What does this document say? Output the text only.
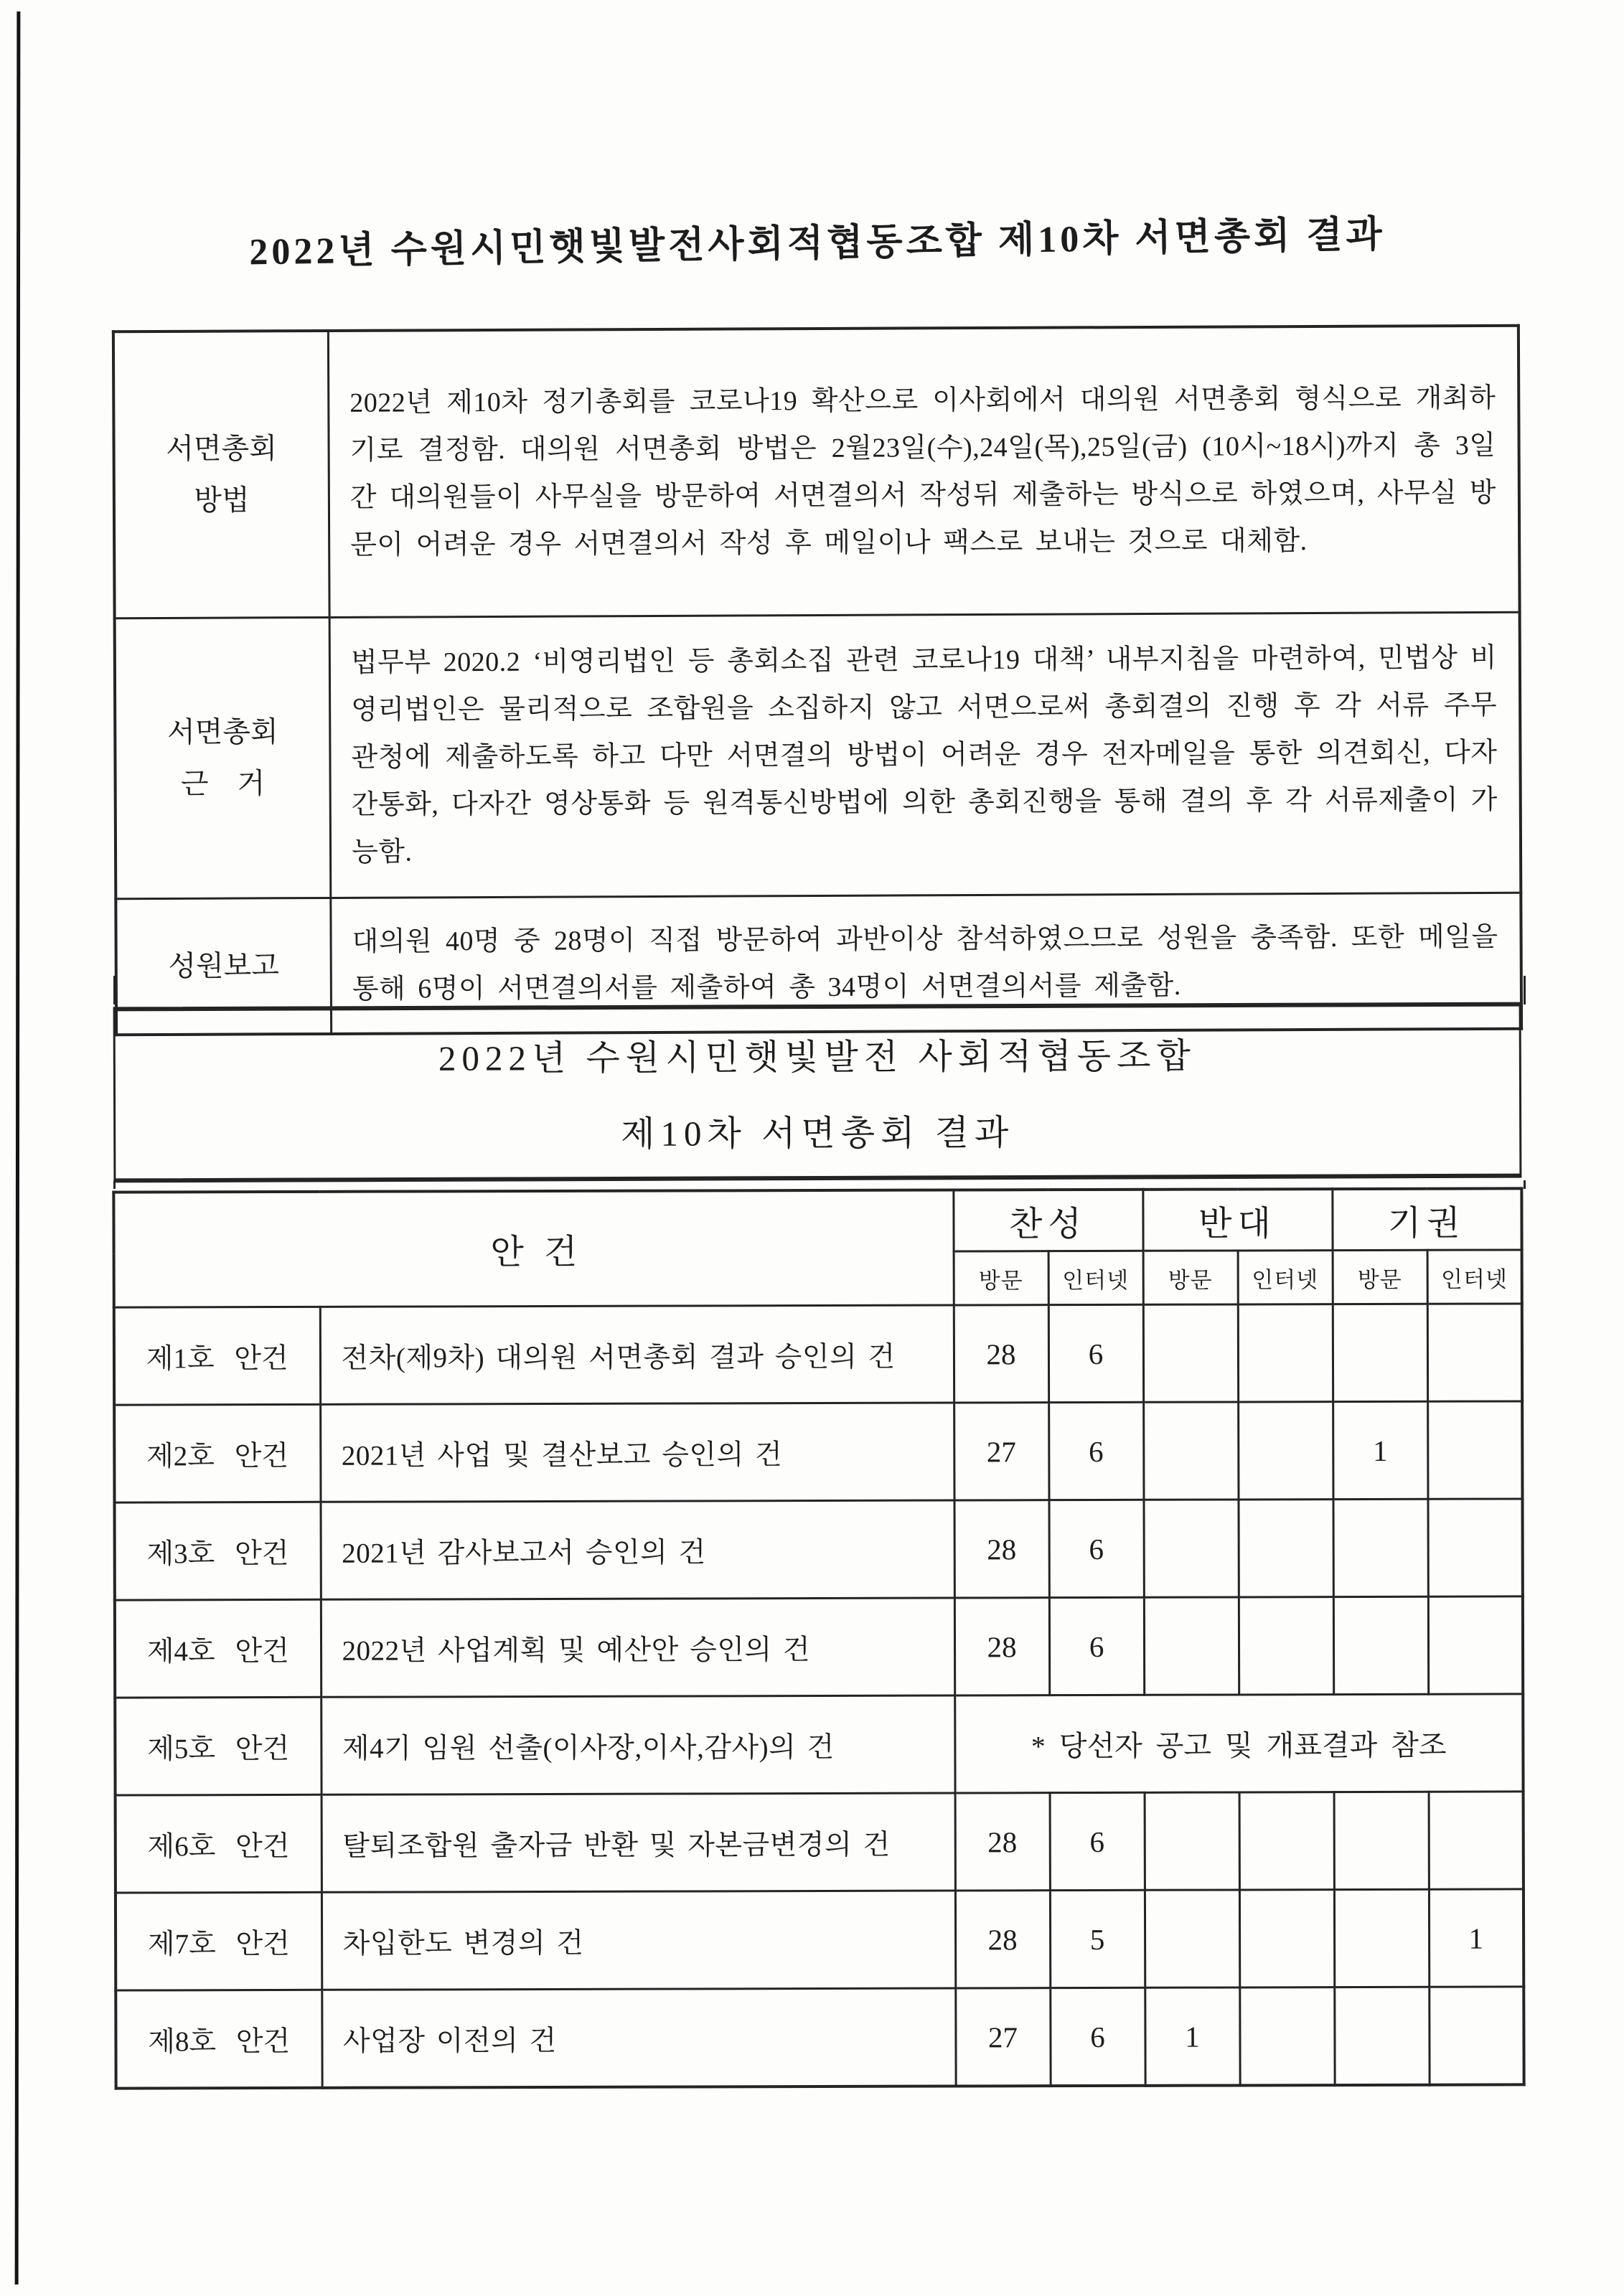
2022년 수원시민햇빛발전사회적협동조합 제10차 서면총회 결과
서면총회
방법	2022년 제10차 정기총회를 코로나19 확산으로 이사회에서 대의원 서면총회 형식으로 개최하기로 결정함. 대의원 서면총회 방법은 2월23일(수),24일(목),25일(금) (10시~18시)까지 총 3일간 대의원들이 사무실을 방문하여 서면결의서 작성뒤 제출하는 방식으로 하였으며, 사무실 방문이 어려운 경우 서면결의서 작성 후 메일이나 팩스로 보내는 것으로 대체함.

서면총회
근    거	법무부 2020.2 ‘비영리법인 등 총회소집 관련 코로나19 대책’ 내부지침을 마련하여, 민법상 비영리법인은 물리적으로 조합원을 소집하지 않고 서면으로써 총회결의 진행 후 각 서류 주무관청에 제출하도록 하고 다만 서면결의 방법이 어려운 경우 전자메일을 통한 의견회신, 다자간통화, 다자간 영상통화 등 원격통신방법에 의한 총회진행을 통해 결의 후 각 서류제출이 가능함.

성원보고	대의원 40명 중 28명이 직접 방문하여 과반이상 참석하였으므로 성원을 충족함. 또한 메일을 통해 6명이 서면결의서를 제출하여 총 34명이 서면결의서를 제출함.
2022년 수원시민햇빛발전 사회적협동조합
제10차 서면총회 결과
안건		찬성		반대		기권	
		방문	인터넷	방문	인터넷	방문	인터넷
제1호 안건	전차(제9차) 대의원 서면총회 결과 승인의 건	28	6				
제2호 안건	2021년 사업 및 결산보고 승인의 건	27	6			1	
제3호 안건	2021년 감사보고서 승인의 건	28	6				
제4호 안건	2022년 사업계획 및 예산안 승인의 건	28	6				
제5호 안건	제4기 임원 선출(이사장,이사,감사)의 건	* 당선자 공고 및 개표결과 참조					
제6호 안건	탈퇴조합원 출자금 반환 및 자본금변경의 건	28	6				
제7호 안건	차입한도 변경의 건	28	5				1
제8호 안건	사업장 이전의 건	27	6	1			
